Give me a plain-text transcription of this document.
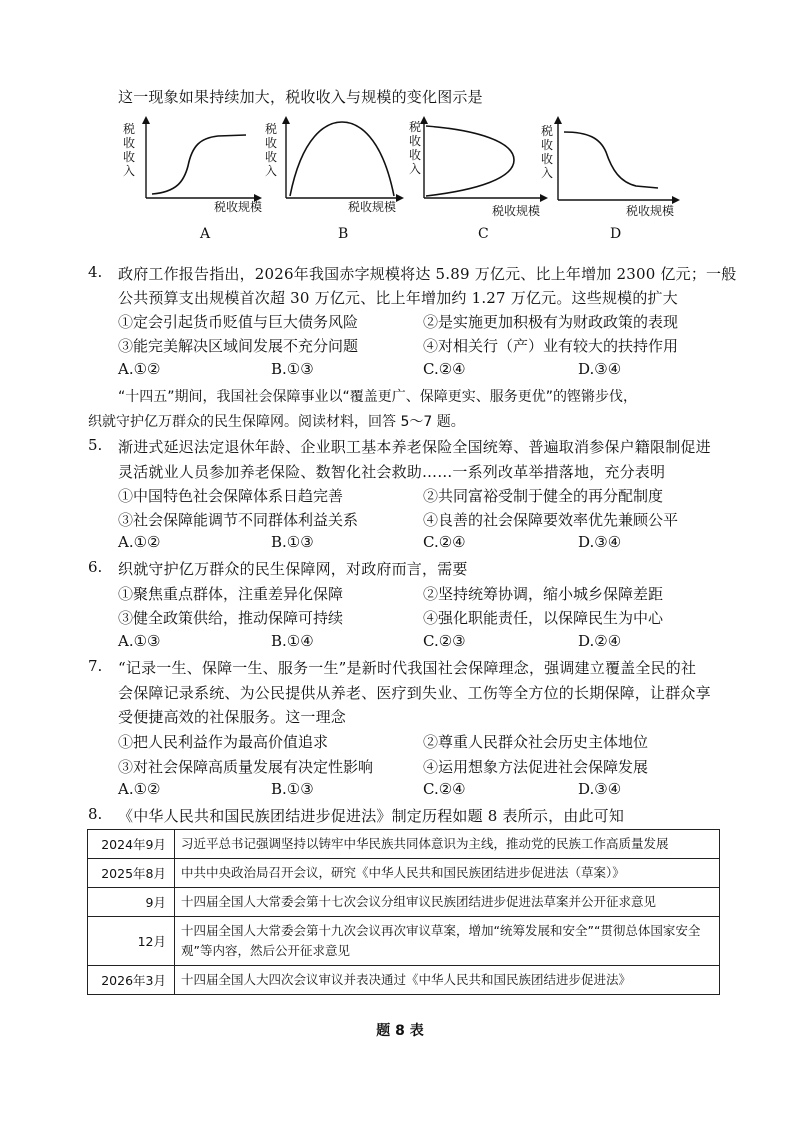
这一现象如果持续加大，税收收入与规模的变化图示是
税
收
收
入
税收规模
A
税
收
收
入
税收规模
B
税
收
收
入
税收规模
C
税
收
收
入
税收规模
D
4. 政府工作报告指出，2026年我国赤字规模将达 5.89 万亿元、比上年增加 2300 亿元；一般
公共预算支出规模首次超 30 万亿元、比上年增加约 1.27 万亿元。这些规模的扩大
①定会引起货币贬值与巨大债务风险	②是实施更加积极有为财政政策的表现
③能完美解决区域间发展不充分问题	④对相关行（产）业有较大的扶持作用
A.①②	B.①③	C.②④	D.③④
“十四五”期间，我国社会保障事业以“覆盖更广、保障更实、服务更优”的铿锵步伐，
织就守护亿万群众的民生保障网。阅读材料，回答 5～7 题。
5. 渐进式延迟法定退休年龄、企业职工基本养老保险全国统筹、普遍取消参保户籍限制促进
灵活就业人员参加养老保险、数智化社会救助……一系列改革举措落地，充分表明
①中国特色社会保障体系日趋完善	②共同富裕受制于健全的再分配制度
③社会保障能调节不同群体利益关系	④良善的社会保障要效率优先兼顾公平
A.①②	B.①③	C.②④	D.③④
6. 织就守护亿万群众的民生保障网，对政府而言，需要
①聚焦重点群体，注重差异化保障	②坚持统筹协调，缩小城乡保障差距
③健全政策供给，推动保障可持续	④强化职能责任，以保障民生为中心
A.①③	B.①④	C.②③	D.②④
7. “记录一生、保障一生、服务一生”是新时代我国社会保障理念，强调建立覆盖全民的社
会保障记录系统、为公民提供从养老、医疗到失业、工伤等全方位的长期保障，让群众享
受便捷高效的社保服务。这一理念
①把人民利益作为最高价值追求	②尊重人民群众社会历史主体地位
③对社会保障高质量发展有决定性影响	④运用想象方法促进社会保障发展
A.①②	B.①③	C.②④	D.③④
8. 《中华人民共和国民族团结进步促进法》制定历程如题 8 表所示，由此可知
2024年9月	习近平总书记强调坚持以铸牢中华民族共同体意识为主线，推动党的民族工作高质量发展
2025年8月	中共中央政治局召开会议，研究《中华人民共和国民族团结进步促进法（草案）》
9月	十四届全国人大常委会第十七次会议分组审议民族团结进步促进法草案并公开征求意见
12月	十四届全国人大常委会第十九次会议再次审议草案，增加“统筹发展和安全”“贯彻总体国家安全观”等内容，然后公开征求意见
2026年3月	十四届全国人大四次会议审议并表决通过《中华人民共和国民族团结进步促进法》
题 8 表
